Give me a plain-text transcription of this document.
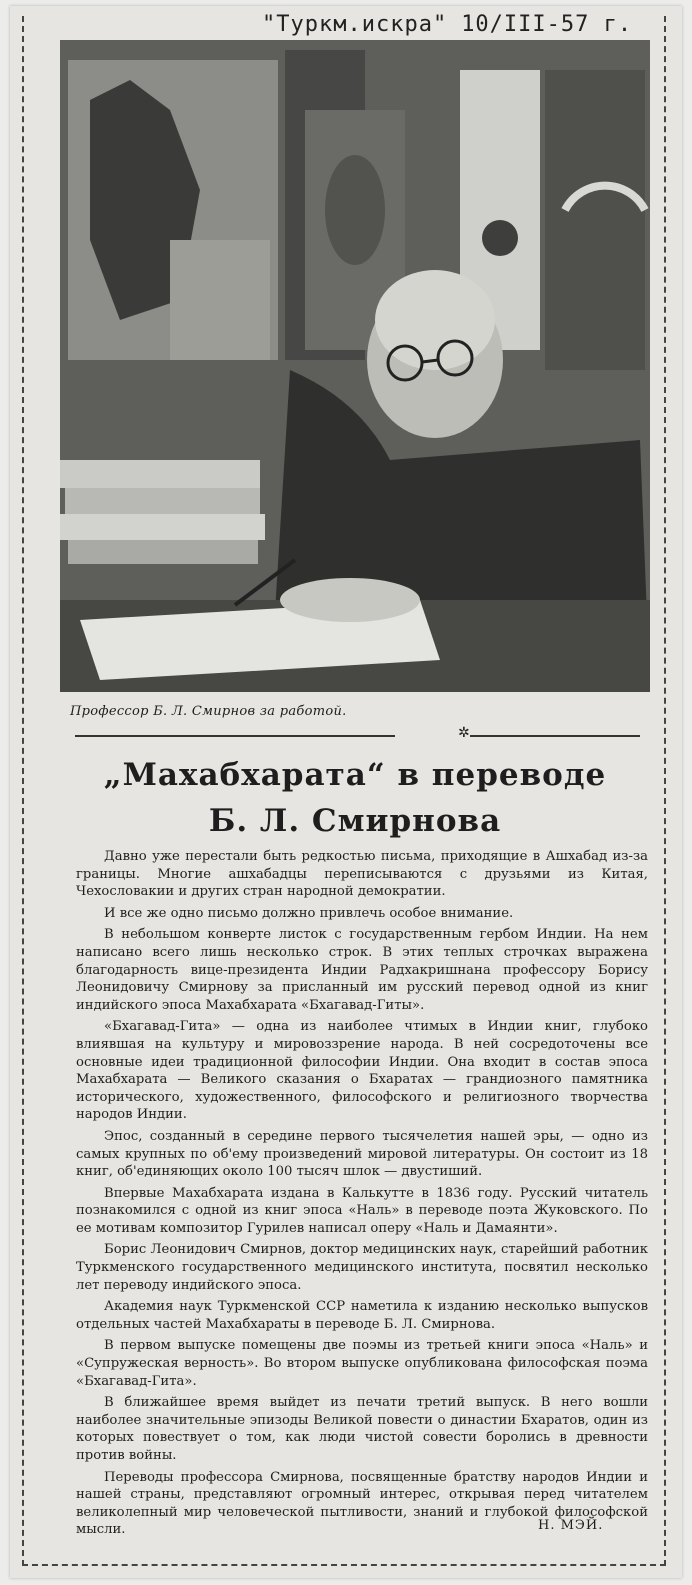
"Туркм.искра" 10/III-57 г.
Профессор Б. Л. Смирнов за работой.
✲
„Махабхарата“ в переводе
Б. Л. Смирнова

Давно уже перестали быть редкостью письма, приходящие в Ашхабад из-за границы. Многие ашхабадцы переписываются с друзьями из Китая, Чехословакии и других стран народной демократии.

И все же одно письмо должно привлечь особое внимание.

В небольшом конверте листок с государственным гербом Индии. На нем написано всего лишь несколько строк. В этих теплых строчках выражена благодарность вице-президента Индии Радхакришнана профессору Борису Леонидовичу Смирнову за присланный им русский перевод одной из книг индийского эпоса Махабхарата «Бхагавад-Гиты».

«Бхагавад-Гита» — одна из наиболее чтимых в Индии книг, глубоко влиявшая на культуру и мировоззрение народа. В ней сосредоточены все основные идеи традиционной философии Индии. Она входит в состав эпоса Махабхарата — Великого сказания о Бхаратах — грандиозного памятника исторического, художественного, философского и религиозного творчества народов Индии.

Эпос, созданный в середине первого тысячелетия нашей эры, — одно из самых крупных по об'ему произведений мировой литературы. Он состоит из 18 книг, об'единяющих около 100 тысяч шлок — двустиший.

Впервые Махабхарата издана в Калькутте в 1836 году. Русский читатель познакомился с одной из книг эпоса «Наль» в переводе поэта Жуковского. По ее мотивам композитор Гурилев написал оперу «Наль и Дамаянти».

Борис Леонидович Смирнов, доктор медицинских наук, старейший работник Туркменского государственного медицинского института, посвятил несколько лет переводу индийского эпоса.

Академия наук Туркменской ССР наметила к изданию несколько выпусков отдельных частей Махабхараты в переводе Б. Л. Смирнова.

В первом выпуске помещены две поэмы из третьей книги эпоса «Наль» и «Супружеская верность». Во втором выпуске опубликована философская поэма «Бхагавад-Гита».

В ближайшее время выйдет из печати третий выпуск. В него вошли наиболее значительные эпизоды Великой повести о династии Бхаратов, один из которых повествует о том, как люди чистой совести боролись в древности против войны.

Переводы профессора Смирнова, посвященные братству народов Индии и нашей страны, представляют огромный интерес, открывая перед читателем великолепный мир человеческой пытливости, знаний и глубокой философской мысли.	Н. МЭЙ.
